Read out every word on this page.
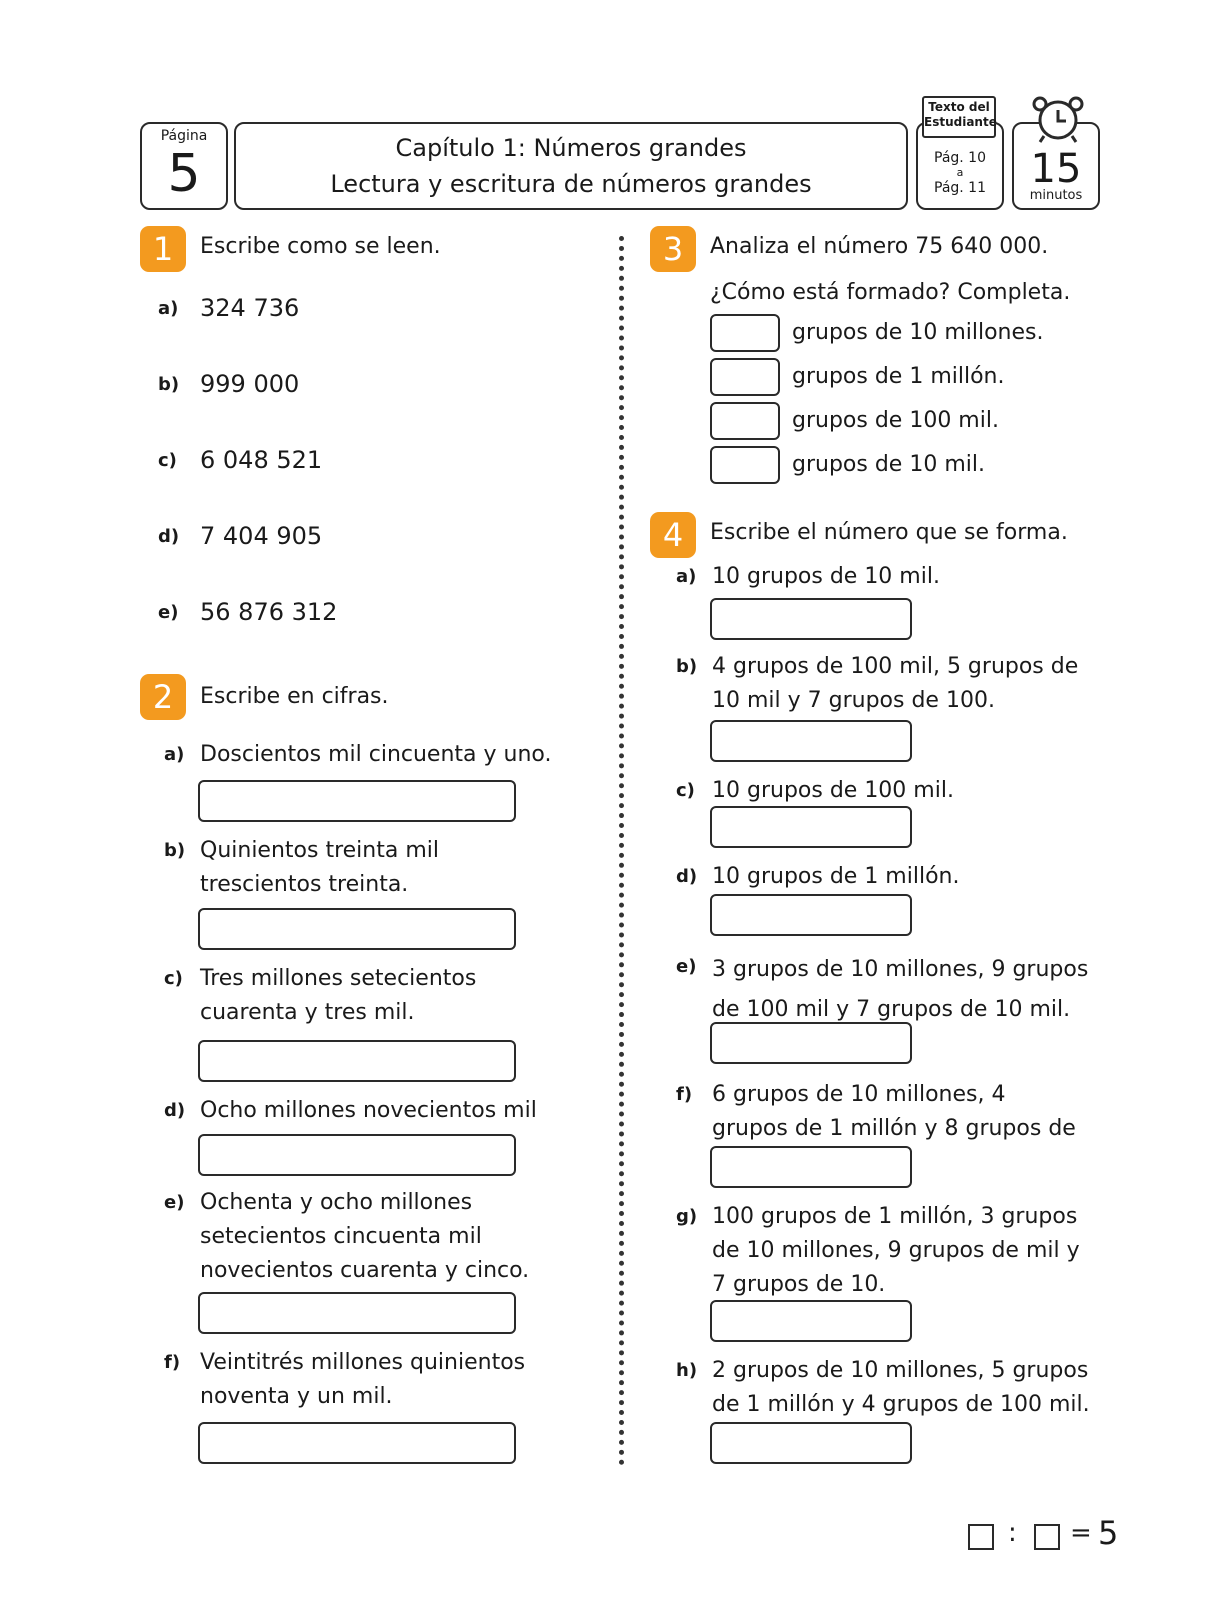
Página
5	Capítulo 1: Números grandes
Lectura y escritura de números grandes
Pág. 10
a
Pág. 11
Texto del
Estudiante
15
minutos
1	Escribe como se leen.
a) 324 736
b) 999 000
c) 6 048 521
d) 7 404 905
e) 56 876 312
2	Escribe en cifras.
a) Doscientos mil cincuenta y uno.
b) Quinientos treinta mil trescientos treinta.
c) Tres millones setecientos cuarenta y tres mil.
d) Ocho millones novecientos mil
e) Ochenta y ocho millones setecientos cincuenta mil novecientos cuarenta y cinco.
f) Veintitrés millones quinientos noventa y un mil.
3	Analiza el número 75 640 000.
¿Cómo está formado? Completa.
grupos de 10 millones.
grupos de 1 millón.
grupos de 100 mil.
grupos de 10 mil.
4	Escribe el número que se forma.
a) 10 grupos de 10 mil.
b) 4 grupos de 100 mil, 5 grupos de 10 mil y 7 grupos de 100.
c) 10 grupos de 100 mil.
d) 10 grupos de 1 millón.
e) 3 grupos de 10 millones, 9 grupos de 100 mil y 7 grupos de 10 mil.
f) 6 grupos de 10 millones, 4 grupos de 1 millón y 8 grupos de
g) 100 grupos de 1 millón, 3 grupos de 10 millones, 9 grupos de mil y 7 grupos de 10.
h) 2 grupos de 10 millones, 5 grupos de 1 millón y 4 grupos de 100 mil.
: = 5
